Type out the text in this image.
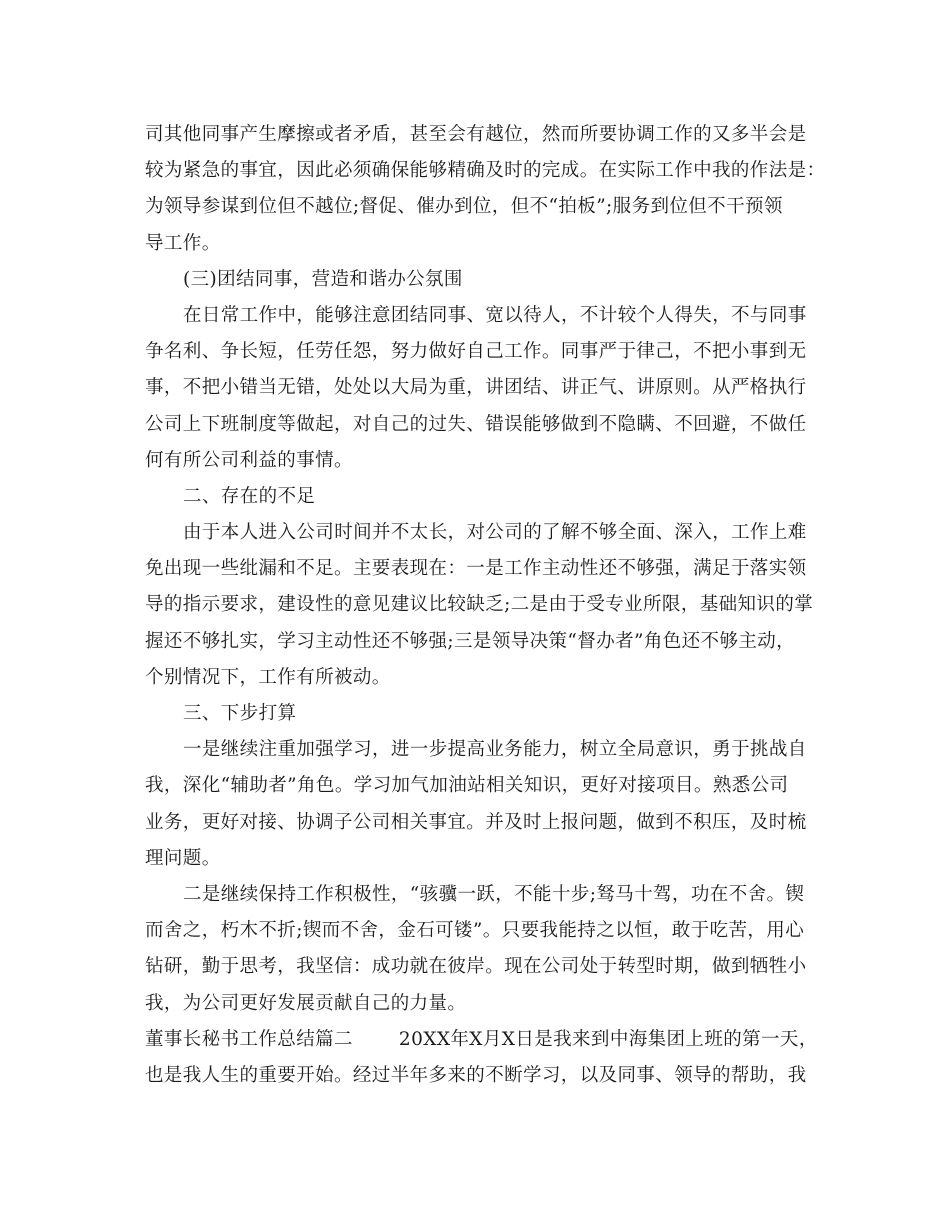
司其他同事产生摩擦或者矛盾，甚至会有越位，然而所要协调工作的又多半会是
较为紧急的事宜，因此必须确保能够精确及时的完成。在实际工作中我的作法是：
为领导参谋到位但不越位;督促、催办到位，但不“拍板”;服务到位但不干预领
导工作。
(三)团结同事，营造和谐办公氛围
在日常工作中，能够注意团结同事、宽以待人，不计较个人得失，不与同事
争名利、争长短，任劳任怨，努力做好自己工作。同事严于律己，不把小事到无
事，不把小错当无错，处处以大局为重，讲团结、讲正气、讲原则。从严格执行
公司上下班制度等做起，对自己的过失、错误能够做到不隐瞒、不回避，不做任
何有所公司利益的事情。
二、存在的不足
由于本人进入公司时间并不太长，对公司的了解不够全面、深入，工作上难
免出现一些纰漏和不足。主要表现在：一是工作主动性还不够强，满足于落实领
导的指示要求，建设性的意见建议比较缺乏;二是由于受专业所限，基础知识的掌
握还不够扎实，学习主动性还不够强;三是领导决策“督办者”角色还不够主动，
个别情况下，工作有所被动。
三、下步打算
一是继续注重加强学习，进一步提高业务能力，树立全局意识，勇于挑战自
我，深化“辅助者”角色。学习加气加油站相关知识，更好对接项目。熟悉公司
业务，更好对接、协调子公司相关事宜。并及时上报问题，做到不积压，及时梳
理问题。
二是继续保持工作积极性，“骇骥一跃，不能十步;驽马十驾，功在不舍。锲
而舍之，朽木不折;锲而不舍，金石可镂”。只要我能持之以恒，敢于吃苦，用心
钻研，勤于思考，我坚信：成功就在彼岸。现在公司处于转型时期，做到牺牲小
我，为公司更好发展贡献自己的力量。
董事长秘书工作总结篇二 20XX年X月X日是我来到中海集团上班的第一天，
也是我人生的重要开始。经过半年多来的不断学习，以及同事、领导的帮助，我
